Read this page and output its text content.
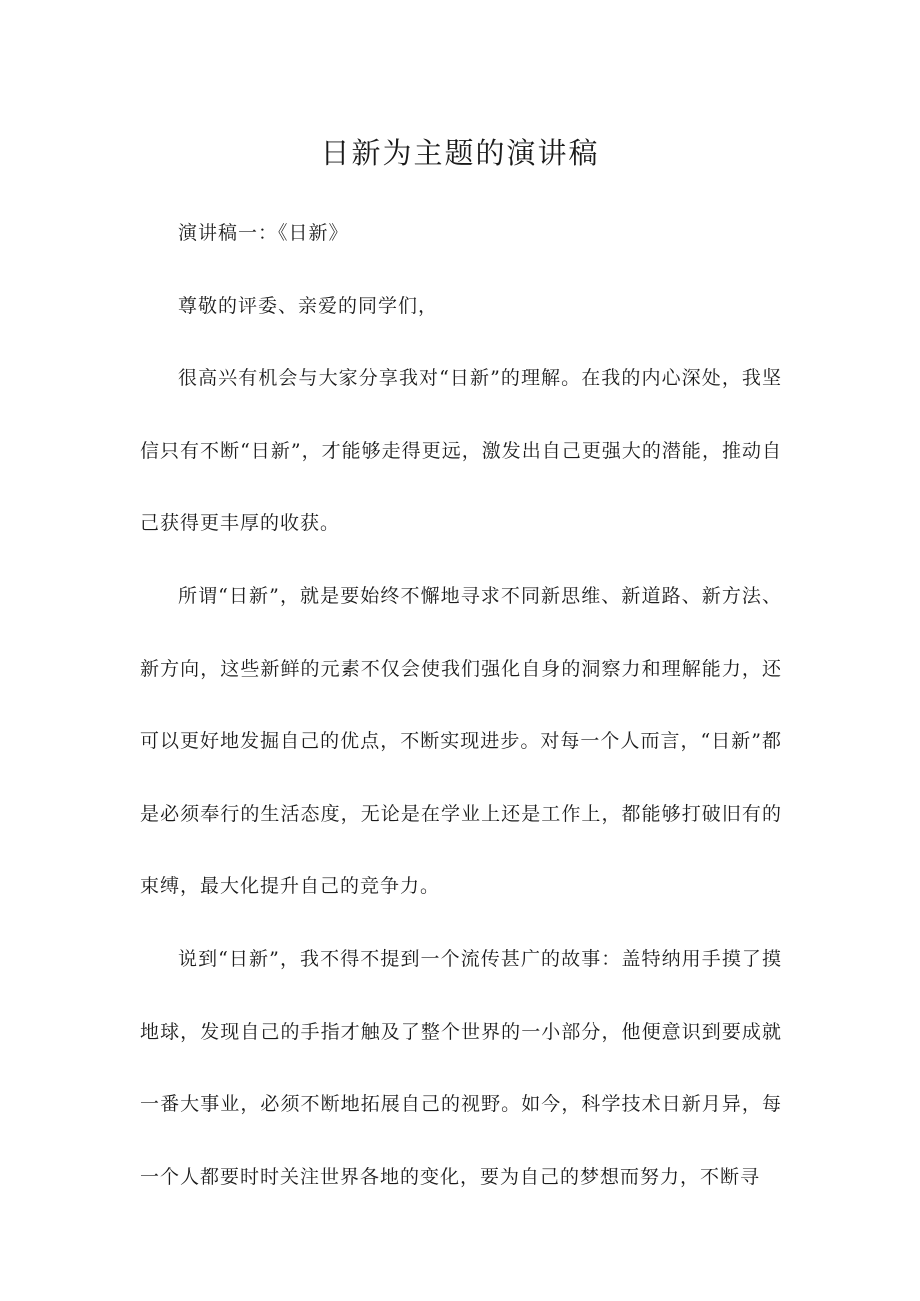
日新为主题的演讲稿

演讲稿一：《日新》

尊敬的评委、亲爱的同学们，

很高兴有机会与大家分享我对“日新”的理解。在我的内心深处，我坚信只有不断“日新”，才能够走得更远，激发出自己更强大的潜能，推动自己获得更丰厚的收获。

所谓“日新”，就是要始终不懈地寻求不同新思维、新道路、新方法、新方向，这些新鲜的元素不仅会使我们强化自身的洞察力和理解能力，还可以更好地发掘自己的优点，不断实现进步。对每一个人而言，“日新”都是必须奉行的生活态度，无论是在学业上还是工作上，都能够打破旧有的束缚，最大化提升自己的竞争力。

说到“日新”，我不得不提到一个流传甚广的故事：盖特纳用手摸了摸地球，发现自己的手指才触及了整个世界的一小部分，他便意识到要成就一番大事业，必须不断地拓展自己的视野。如今，科学技术日新月异，每一个人都要时时关注世界各地的变化，要为自己的梦想而努力，不断寻
